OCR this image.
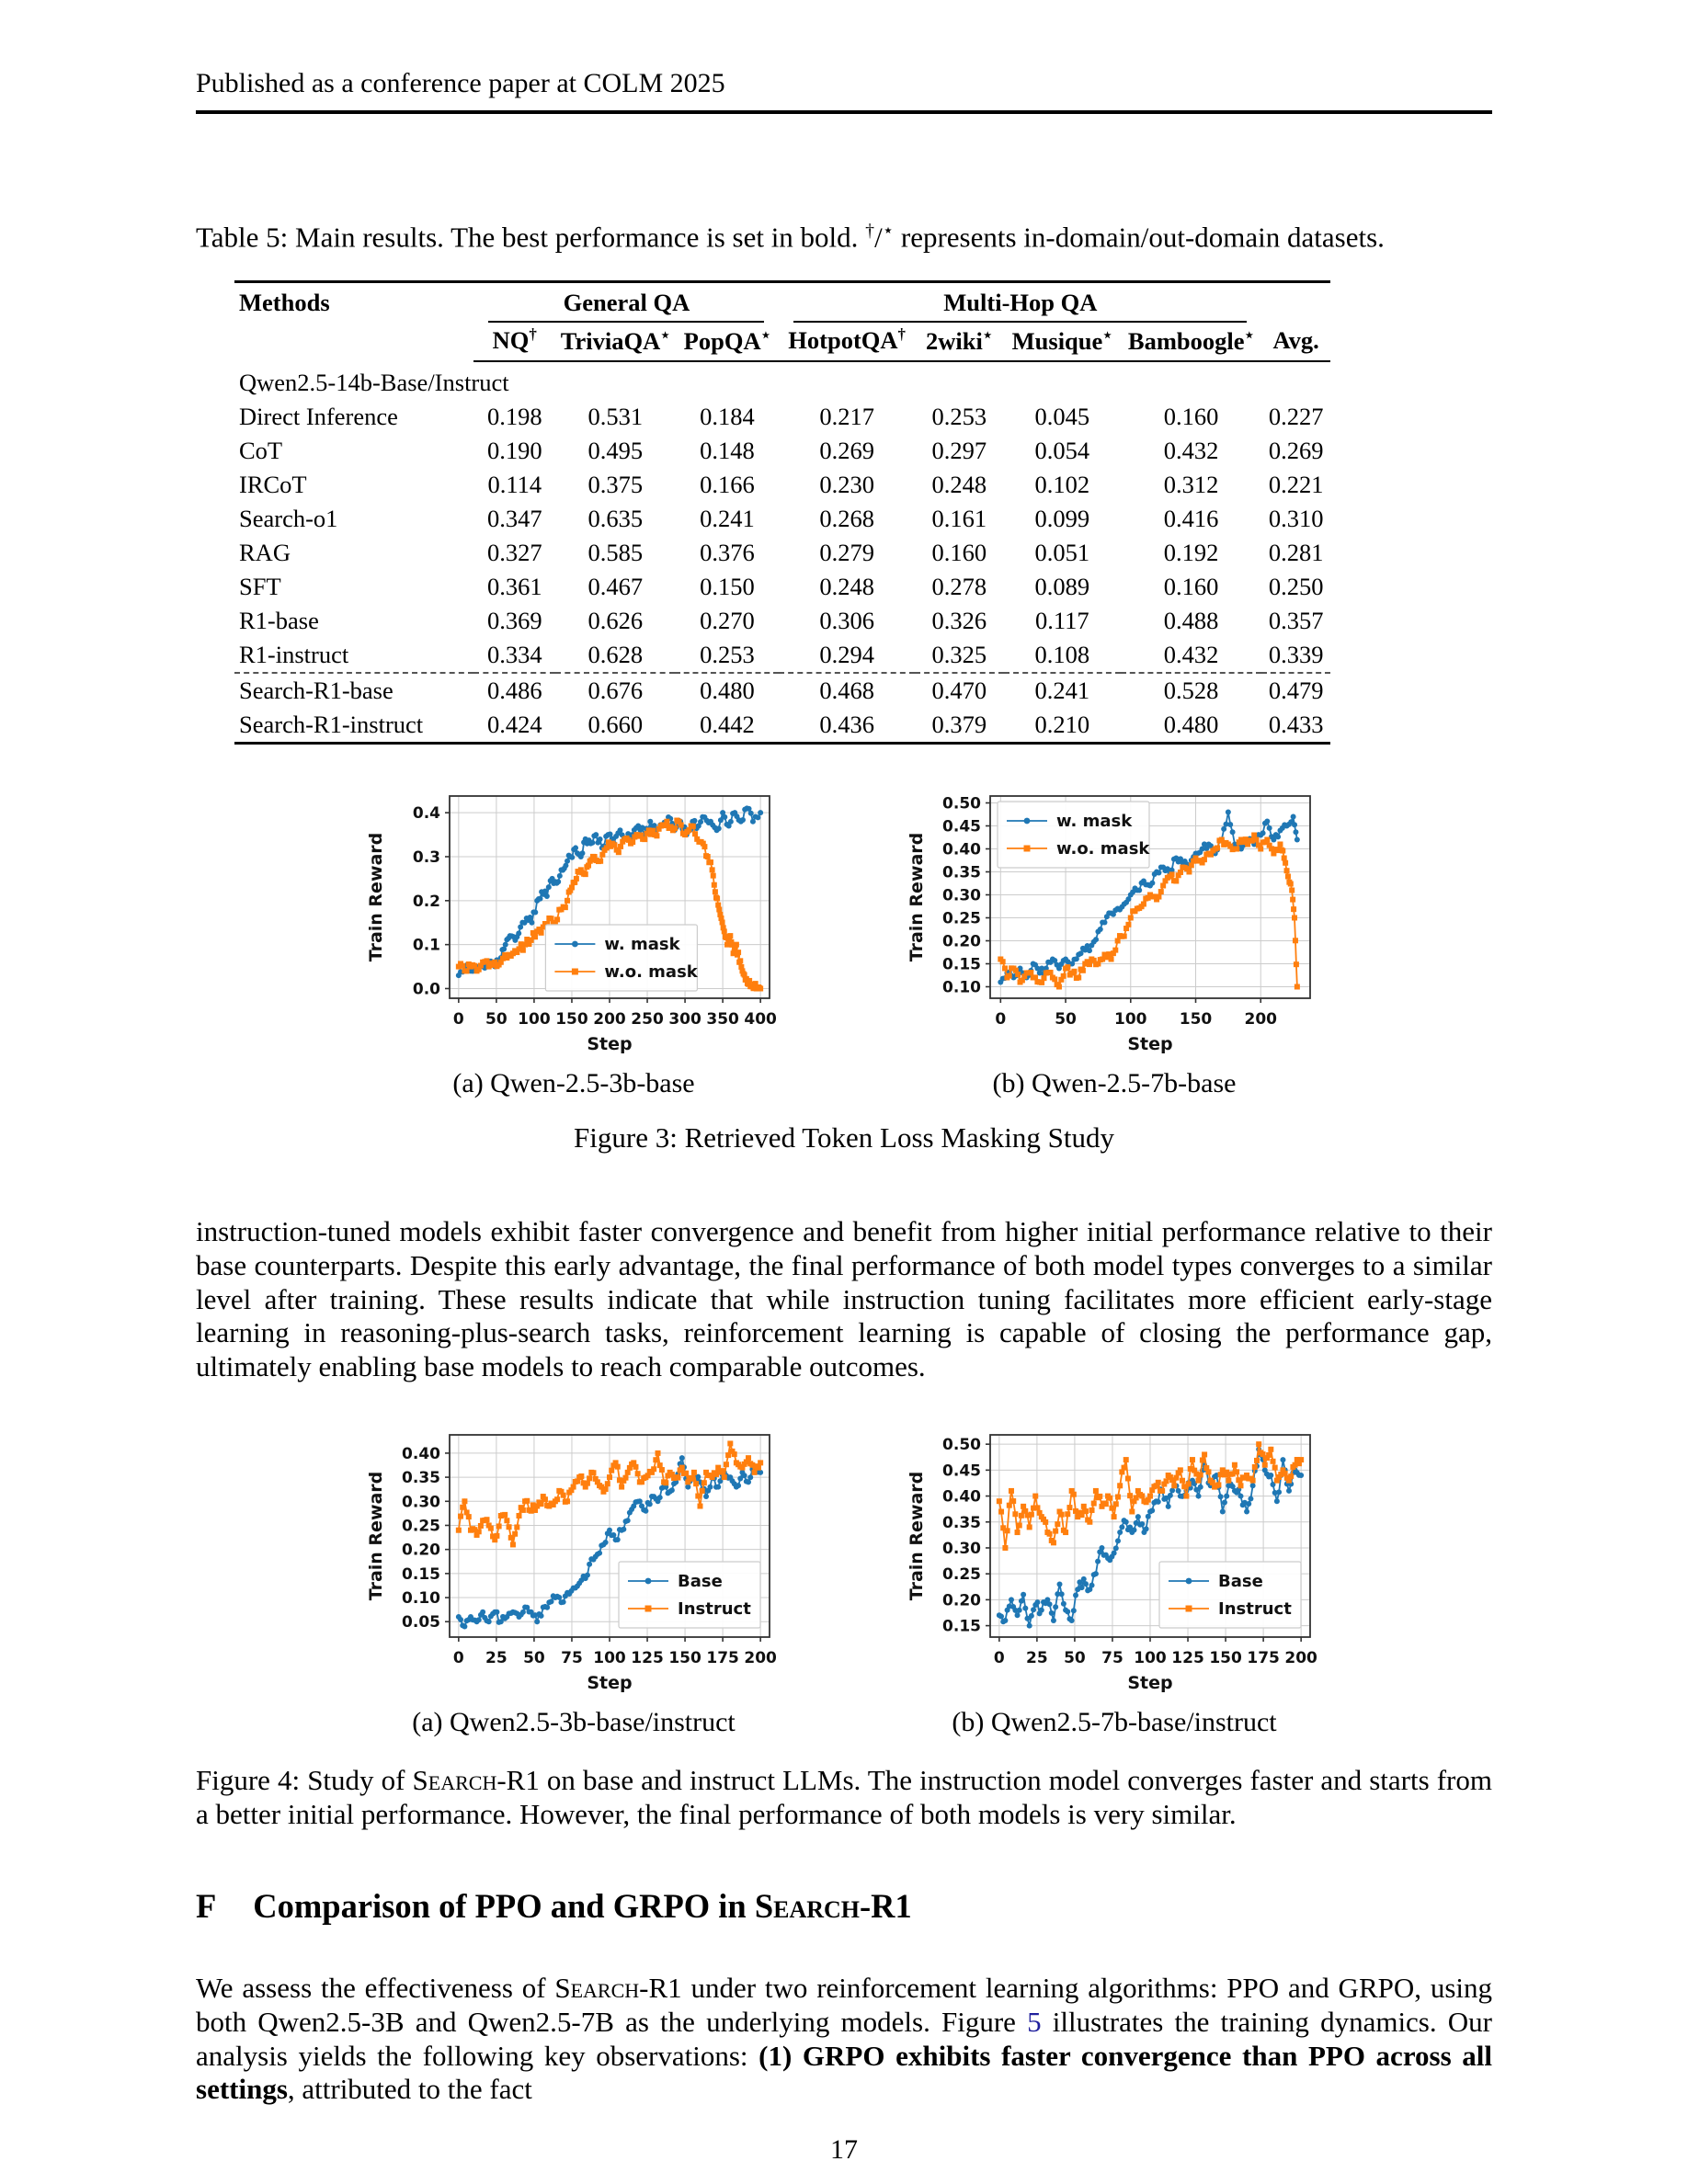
Published as a conference paper at COLM 2025

Table 5: Main results. The best performance is set in bold. †/⋆ represents in-domain/out-domain datasets.

Methods	General QA			Multi-Hop QA				

	NQ†	TriviaQA⋆	PopQA⋆	HotpotQA†	2wiki⋆	Musique⋆	Bamboogle⋆	Avg.
Qwen2.5-14b-Base/Instruct								
Direct Inference	0.198	0.531	0.184	0.217	0.253	0.045	0.160	0.227
CoT	0.190	0.495	0.148	0.269	0.297	0.054	0.432	0.269
IRCoT	0.114	0.375	0.166	0.230	0.248	0.102	0.312	0.221
Search-o1	0.347	0.635	0.241	0.268	0.161	0.099	0.416	0.310
RAG	0.327	0.585	0.376	0.279	0.160	0.051	0.192	0.281
SFT	0.361	0.467	0.150	0.248	0.278	0.089	0.160	0.250
R1-base	0.369	0.626	0.270	0.306	0.326	0.117	0.488	0.357
R1-instruct	0.334	0.628	0.253	0.294	0.325	0.108	0.432	0.339
Search-R1-base	0.486	0.676	0.480	0.468	0.470	0.241	0.528	0.479
Search-R1-instruct	0.424	0.660	0.442	0.436	0.379	0.210	0.480	0.433
0 50 100 150 200 250 300 350 400
0.0
0.1
0.2
0.3
0.4
Step
Train Reward	w. mask
w.o. mask
(a) Qwen-2.5-3b-base
0	50 100 150 200
0.10
0.15
0.20
0.25
0.30
0.35
0.40
0.45
0.50
Step
Train Reward
w. mask
w.o. mask
(b) Qwen-2.5-7b-base
Figure 3: Retrieved Token Loss Masking Study

instruction-tuned models exhibit faster convergence and benefit from higher initial performance relative to their base counterparts. Despite this early advantage, the final performance of both model types converges to a similar level after training. These results indicate that while instruction tuning facilitates more efficient early-stage learning in reasoning-plus-search tasks, reinforcement learning is capable of closing the performance gap, ultimately enabling base models to reach comparable outcomes.

0 25 50 75 100 125 150 175 200
0.05
0.10
0.15
0.20
0.25
0.30
0.35
0.40
Step
Train Reward	Base
Instruct
(a) Qwen2.5-3b-base/instruct
0 25 50 75 100 125 150 175 200
0.15
0.20
0.25
0.30
0.35
0.40
0.45
0.50
Step
Train Reward	Base
Instruct
(b) Qwen2.5-7b-base/instruct

Figure 4: Study of Search-R1 on base and instruct LLMs. The instruction model converges faster and starts from a better initial performance. However, the final performance of both models is very similar.

F Comparison of PPO and GRPO in Search-R1

We assess the effectiveness of Search-R1 under two reinforcement learning algorithms: PPO and GRPO, using both Qwen2.5-3B and Qwen2.5-7B as the underlying models. Figure 5 illustrates the training dynamics. Our analysis yields the following key observations: (1) GRPO exhibits faster convergence than PPO across all settings, attributed to the fact

17
